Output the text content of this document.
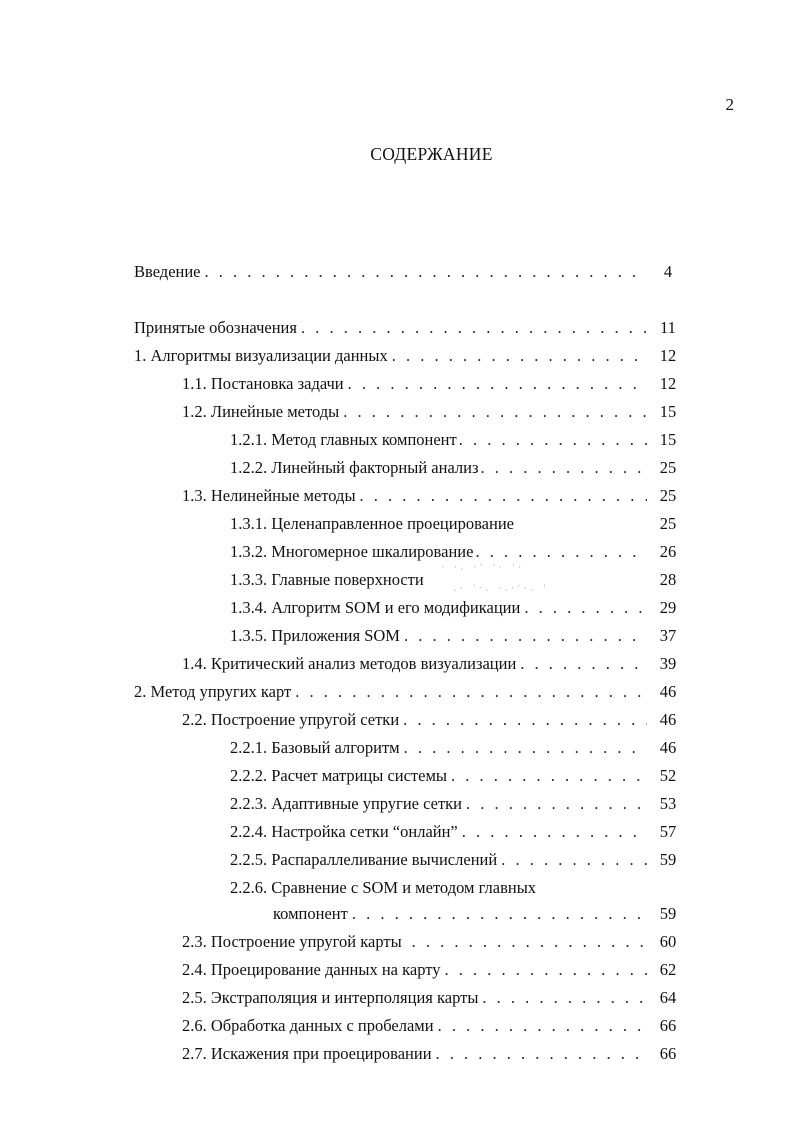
2
СОДЕРЖАНИЕ
Введение . . .	4
Принятые обозначения . . .	11
1. Алгоритмы визуализации данных . . .	12
1.1. Постановка задачи . . .	12
1.2. Линейные методы . . .	15
1.2.1. Метод главных компонент . . .	15
1.2.2. Линейный факторный анализ . . .	25
1.3. Нелинейные методы . . .	25
1.3.1. Целенаправленное проецирование	25
1.3.2. Многомерное шкалирование . . .	26
1.3.3. Главные поверхности	28
1.3.4. Алгоритм SOM и его модификации . . .	29
1.3.5. Приложения SOM . . .	37
1.4. Критический анализ методов визуализации . . .	39
2. Метод упругих карт . . .	46
2.2. Построение упругой сетки . . .	46
2.2.1. Базовый алгоритм . . .	46
2.2.2. Расчет матрицы системы . . .	52
2.2.3. Адаптивные упругие сетки . . .	53
2.2.4. Настройка сетки “онлайн” . . .	57
2.2.5. Распараллеливание вычислений . . .	59
2.2.6. Сравнение с SOM и методом главных
компонент . . .	59
2.3. Построение упругой карты . . .	60
2.4. Проецирование данных на карту . . .	62
2.5. Экстраполяция и интерполяция карты . . .	64
2.6. Обработка данных с пробелами . . .	66
2.7. Искажения при проецировании . . .	66
· ·. ·' '· '·
.· '·. ·.·'·. '
